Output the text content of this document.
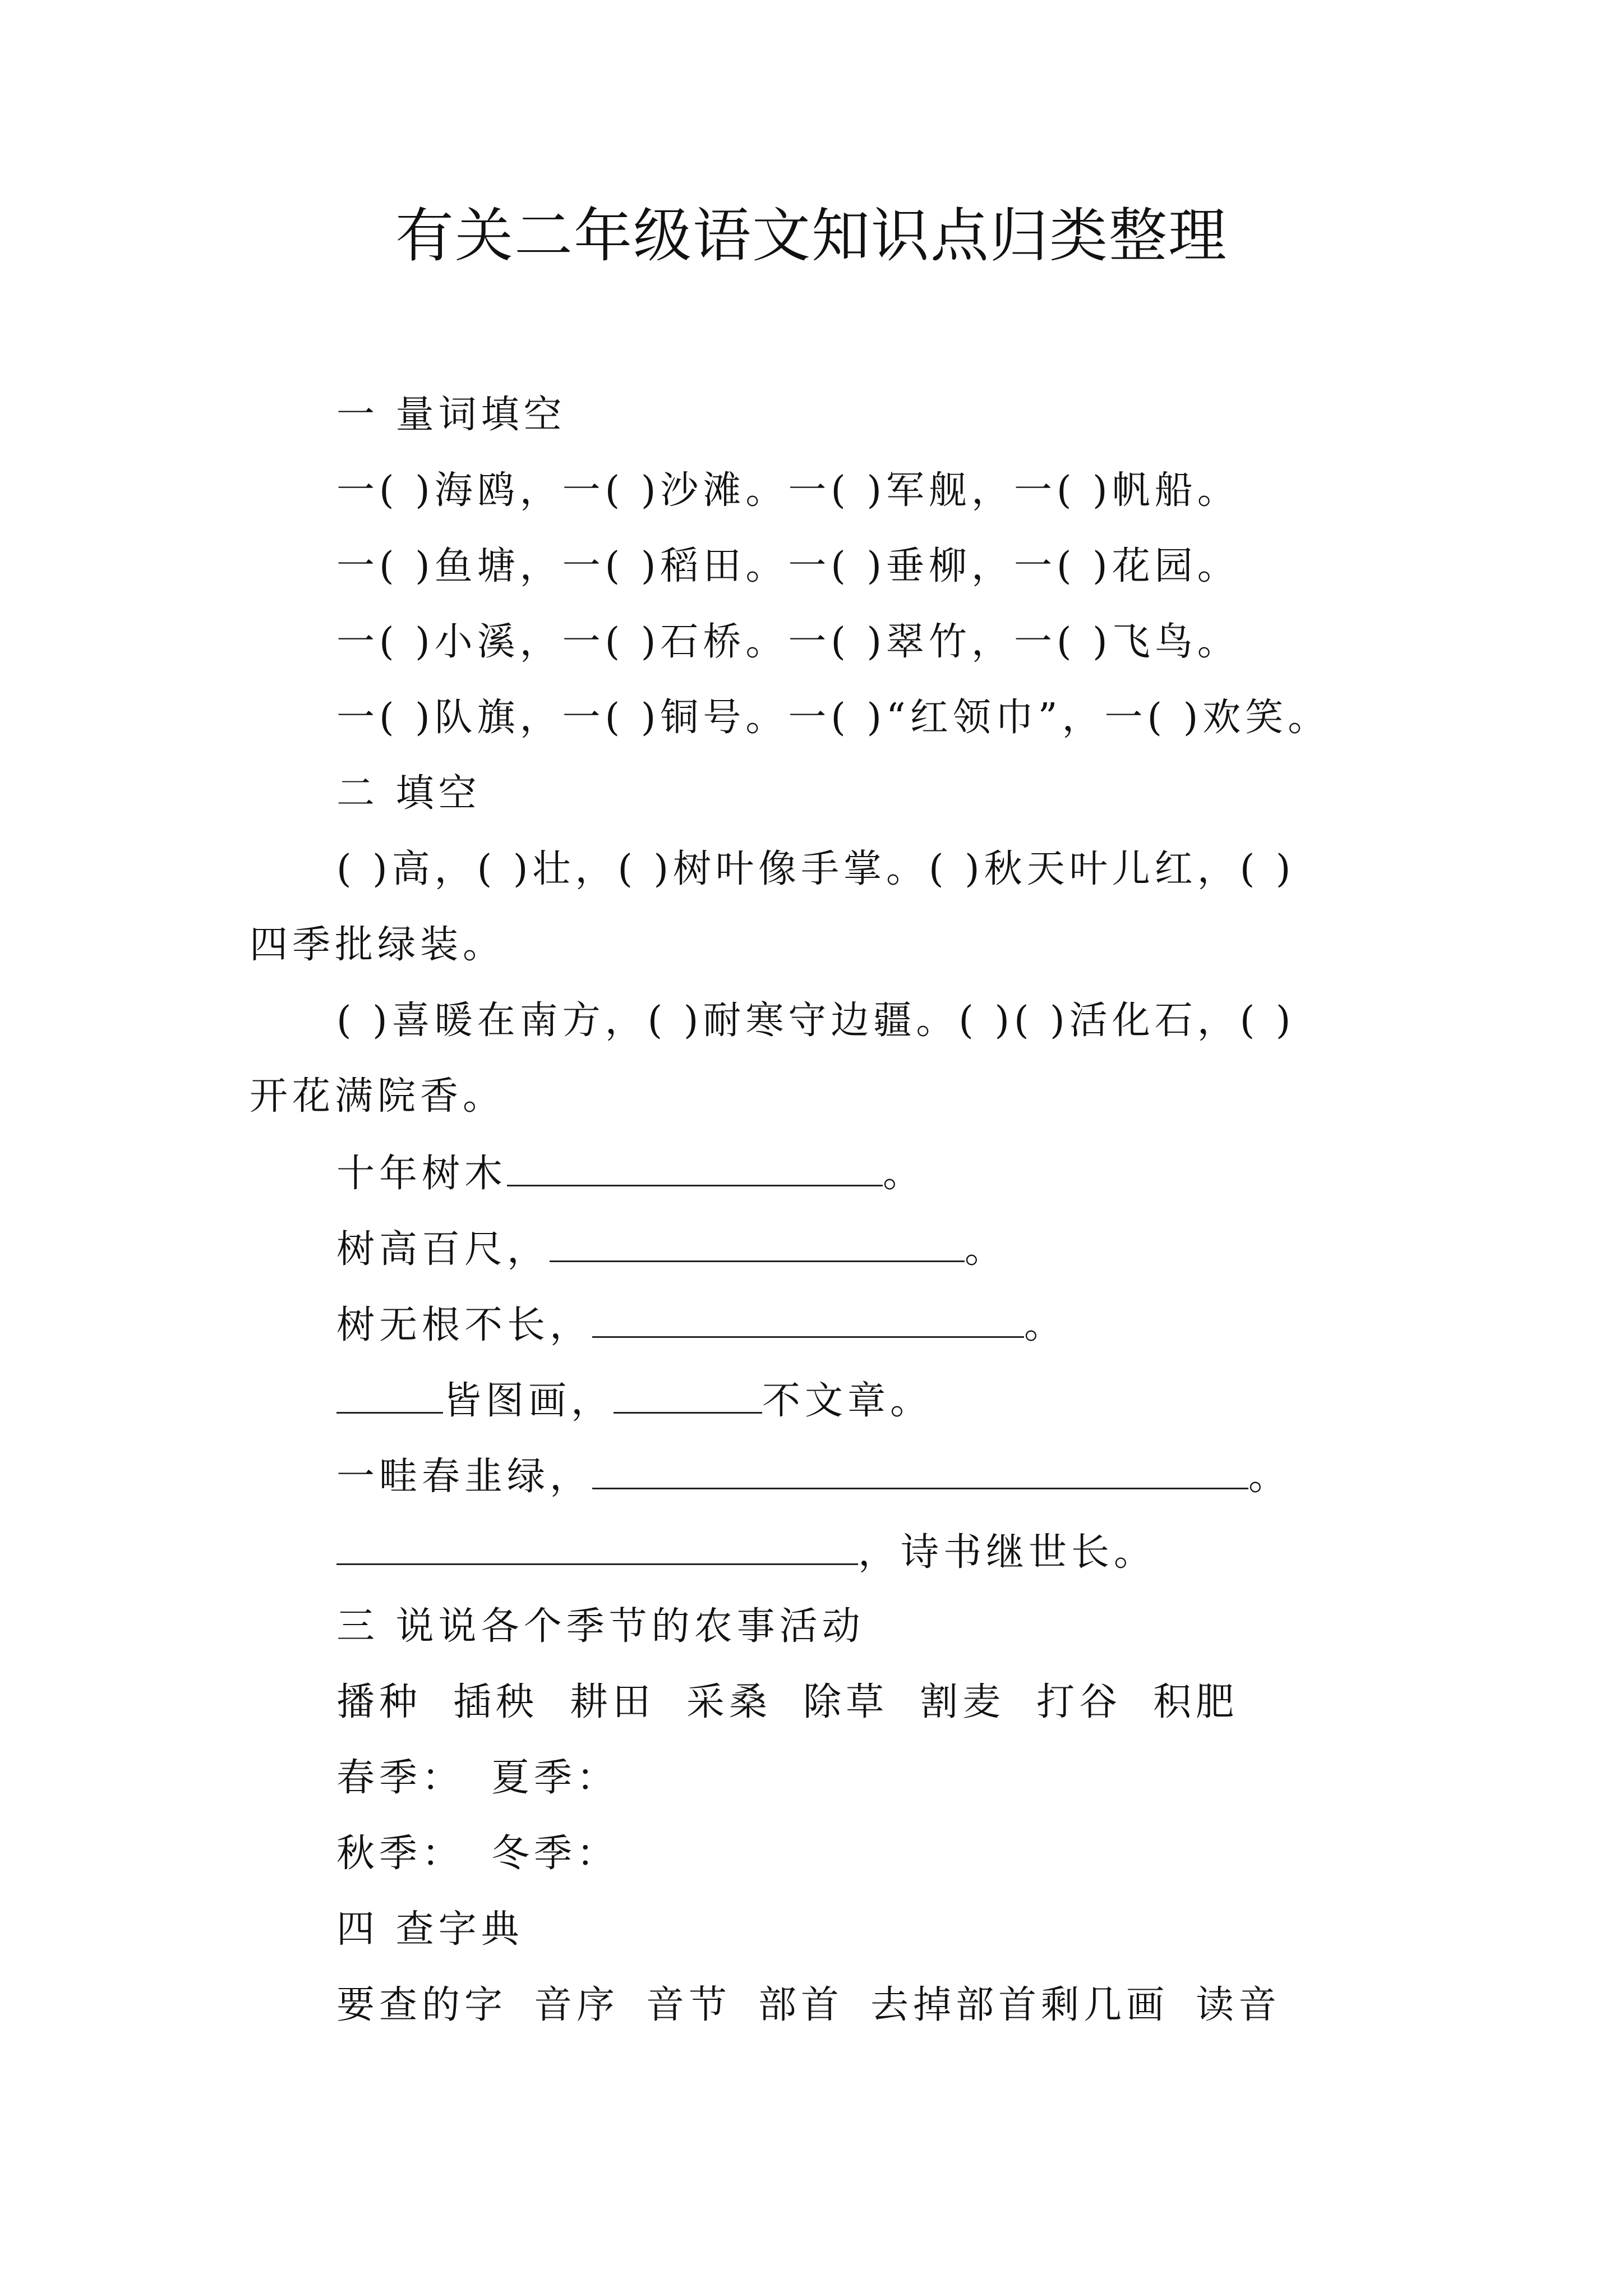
有关二年级语文知识点归类整理
一 量词填空
一( )海鸥，一( )沙滩。一( )军舰，一( )帆船。
一( )鱼塘，一( )稻田。一( )垂柳，一( )花园。
一( )小溪，一( )石桥。一( )翠竹，一( )飞鸟。
一( )队旗，一( )铜号。一( )“红领巾”，一( )欢笑。
二 填空
( )高，( )壮，( )树叶像手掌。( )秋天叶儿红，( )
四季批绿装。
( )喜暖在南方，( )耐寒守边疆。( )( )活化石，( )
开花满院香。
十年树木	。
树高百尺，	。
树无根不长，	。
皆图画，	不文章。
一畦春韭绿，	。
，诗书继世长。
三 说说各个季节的农事活动
播种 插秧 耕田 采桑 除草 割麦 打谷 积肥
春季： 夏季：
秋季： 冬季：
四 查字典
要查的字 音序 音节 部首 去掉部首剩几画 读音
